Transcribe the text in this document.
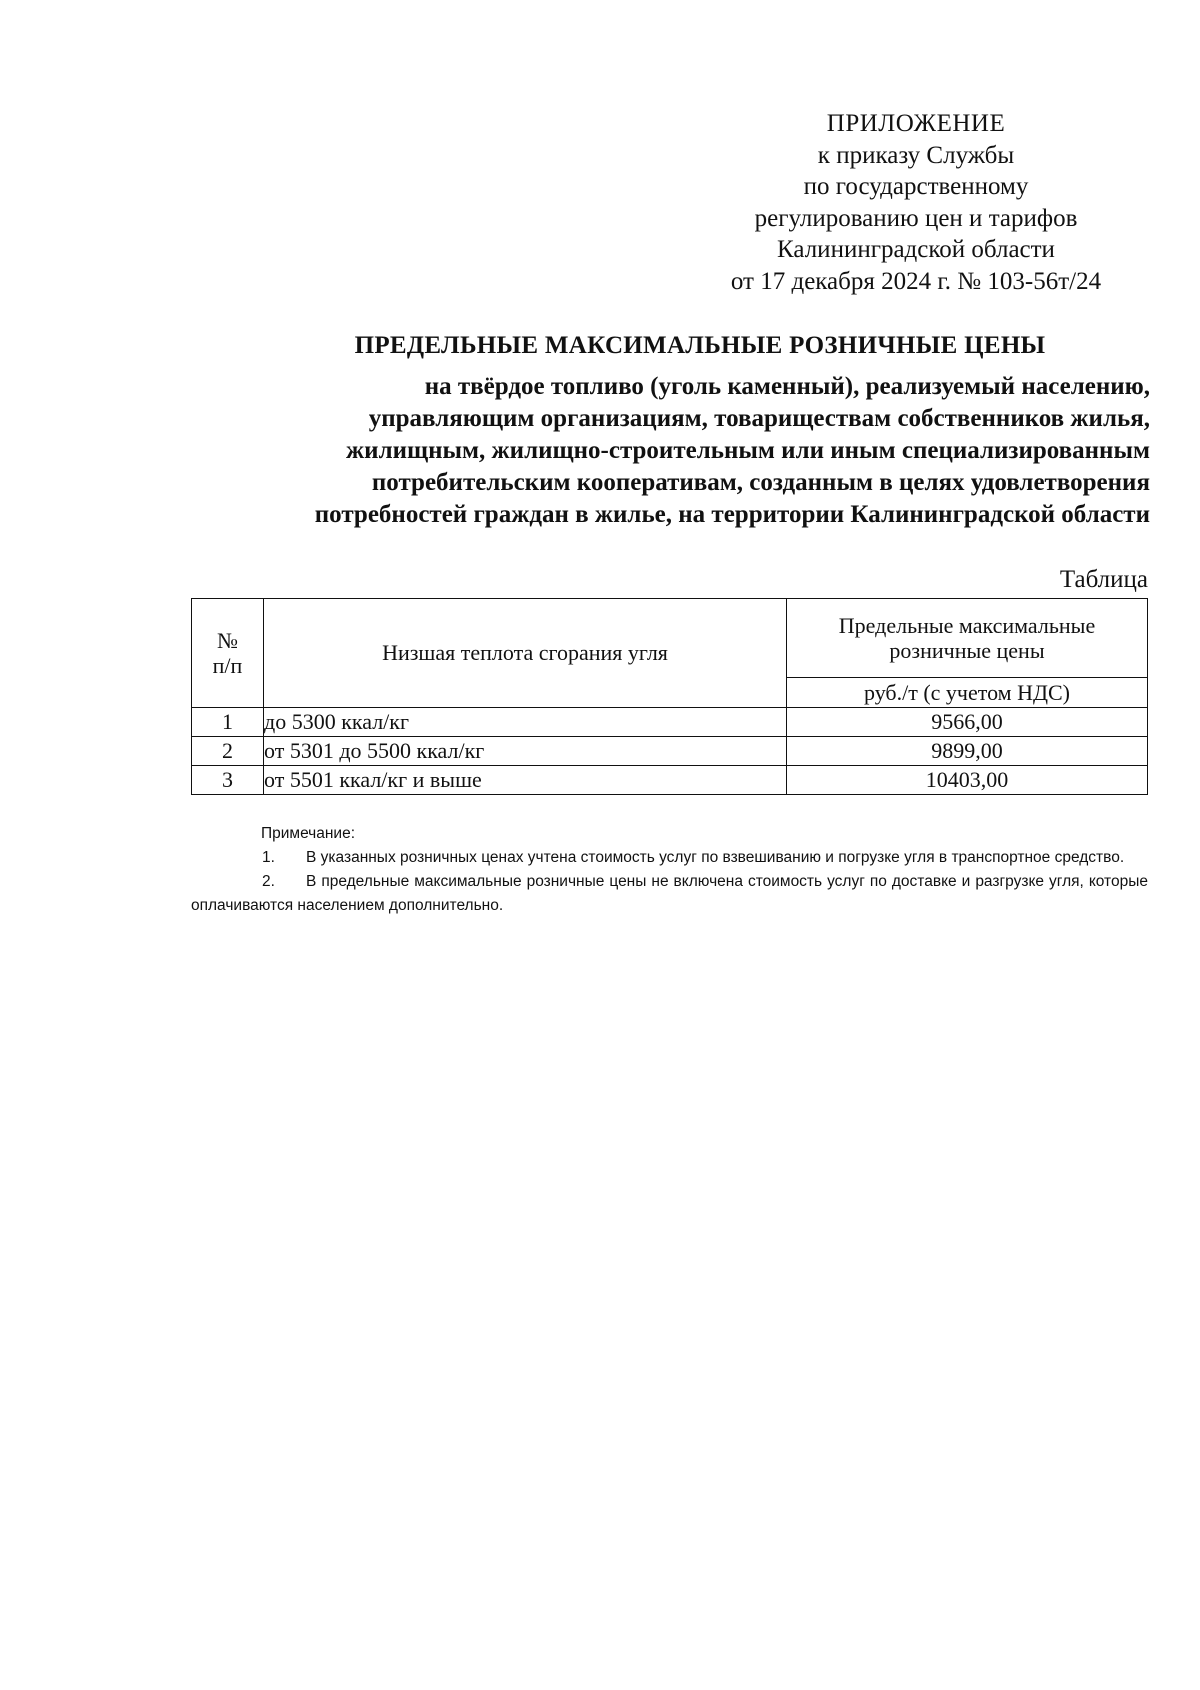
ПРИЛОЖЕНИЕ
к приказу Службы
по государственному
регулированию цен и тарифов
Калининградской области
от 17 декабря 2024 г. № 103-56т/24
ПРЕДЕЛЬНЫЕ МАКСИМАЛЬНЫЕ РОЗНИЧНЫЕ ЦЕНЫ
на твёрдое топливо (уголь каменный), реализуемый населению,
управляющим организациям, товариществам собственников жилья,
жилищным, жилищно-строительным или иным специализированным
потребительским кооперативам, созданным в целях удовлетворения
потребностей граждан в жилье, на территории Калининградской области
Таблица
№
п/п	Низшая теплота сгорания угля	Предельные максимальные
розничные цены

		руб./т (с учетом НДС)
1	до 5300 ккал/кг	9566,00
2	от 5301 до 5500 ккал/кг	9899,00
3	от 5501 ккал/кг и выше	10403,00
Примечание:
1. В указанных розничных ценах учтена стоимость услуг по взвешиванию и погрузке угля в транспортное средство.
2. В предельные максимальные розничные цены не включена стоимость услуг по доставке и разгрузке угля, которые оплачиваются населением дополнительно.
